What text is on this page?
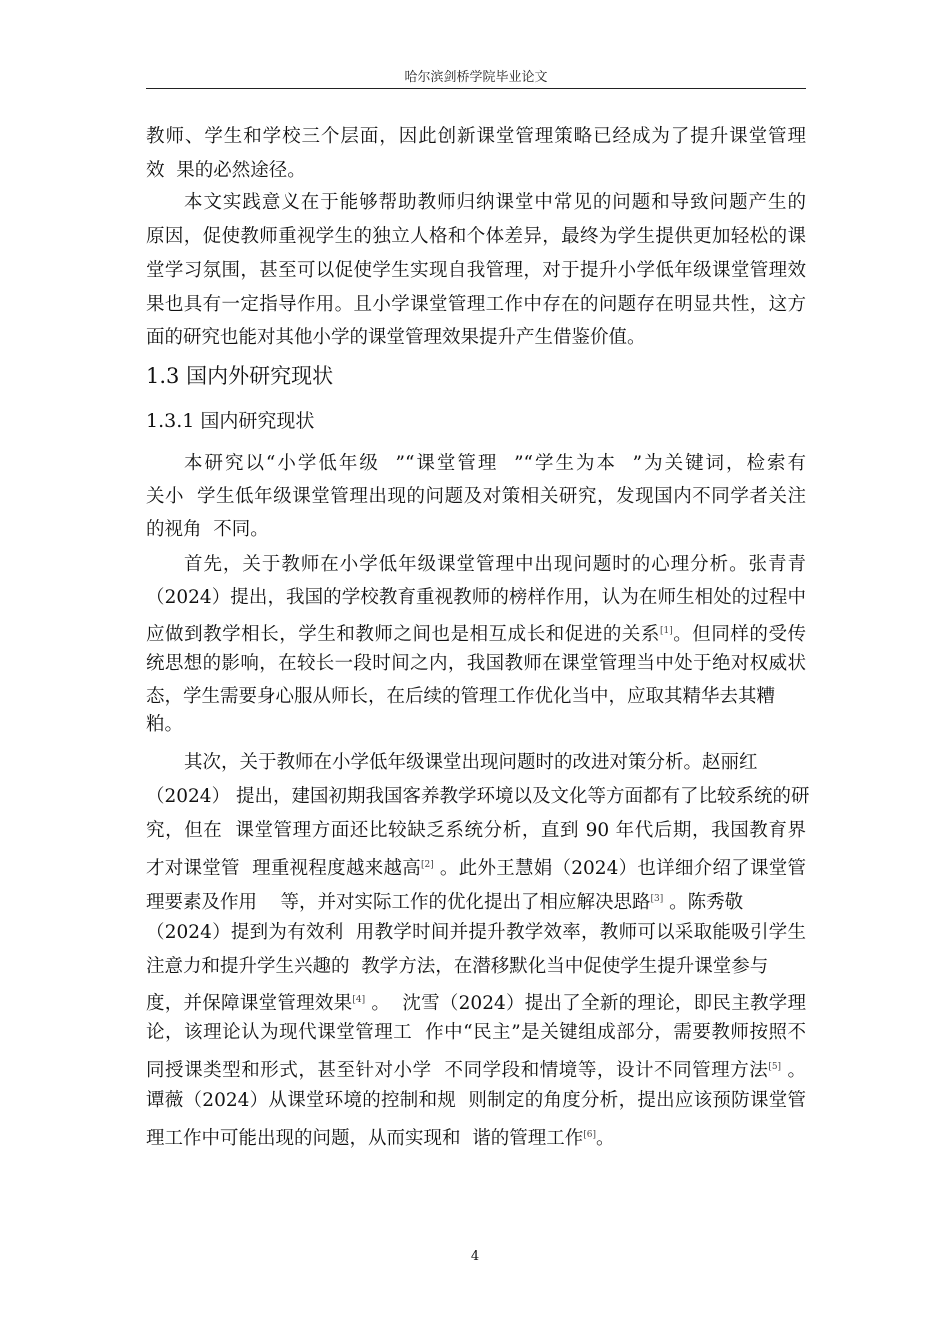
哈尔滨剑桥学院毕业论文
1.3 国内外研究现状
1.3.1 国内研究现状
教师、学生和学校三个层面，因此创新课堂管理策略已经成为了提升课堂管理
效  果的必然途径。
本文实践意义在于能够帮助教师归纳课堂中常见的问题和导致问题产生的
原因，促使教师重视学生的独立人格和个体差异，最终为学生提供更加轻松的课
堂学习氛围，甚至可以促使学生实现自我管理，对于提升小学低年级课堂管理效
果也具有一定指导作用。且小学课堂管理工作中存在的问题存在明显共性，这方
面的研究也能对其他小学的课堂管理效果提升产生借鉴价值。
本研究以“小学低年级  ”“课堂管理  ”“学生为本  ”为关键词，检索有
关小  学生低年级课堂管理出现的问题及对策相关研究，发现国内不同学者关注
的视角  不同。
首先，关于教师在小学低年级课堂管理中出现问题时的心理分析。张青青
（2024）提出，我国的学校教育重视教师的榜样作用，认为在师生相处的过程中
应做到教学相长，学生和教师之间也是相互成长和促进的关系[1]。但同样的受传
统思想的影响，在较长一段时间之内，我国教师在课堂管理当中处于绝对权威状
态，学生需要身心服从师长，在后续的管理工作优化当中，应取其精华去其糟
粕。
其次，关于教师在小学低年级课堂出现问题时的改进对策分析。赵丽红
（2024） 提出，建国初期我国客养教学环境以及文化等方面都有了比较系统的研
究，但在  课堂管理方面还比较缺乏系统分析，直到 90 年代后期，我国教育界
才对课堂管  理重视程度越来越高[2] 。此外王慧娟（2024）也详细介绍了课堂管
理要素及作用    等，并对实际工作的优化提出了相应解决思路[3] 。陈秀敬
（2024）提到为有效利  用教学时间并提升教学效率，教师可以采取能吸引学生
注意力和提升学生兴趣的  教学方法，在潜移默化当中促使学生提升课堂参与
度，并保障课堂管理效果[4] 。  沈雪（2024）提出了全新的理论，即民主教学理
论，该理论认为现代课堂管理工  作中“民主”是关键组成部分，需要教师按照不
同授课类型和形式，甚至针对小学  不同学段和情境等，设计不同管理方法[5] 。
谭薇（2024）从课堂环境的控制和规  则制定的角度分析，提出应该预防课堂管
理工作中可能出现的问题，从而实现和  谐的管理工作[6]。
4
